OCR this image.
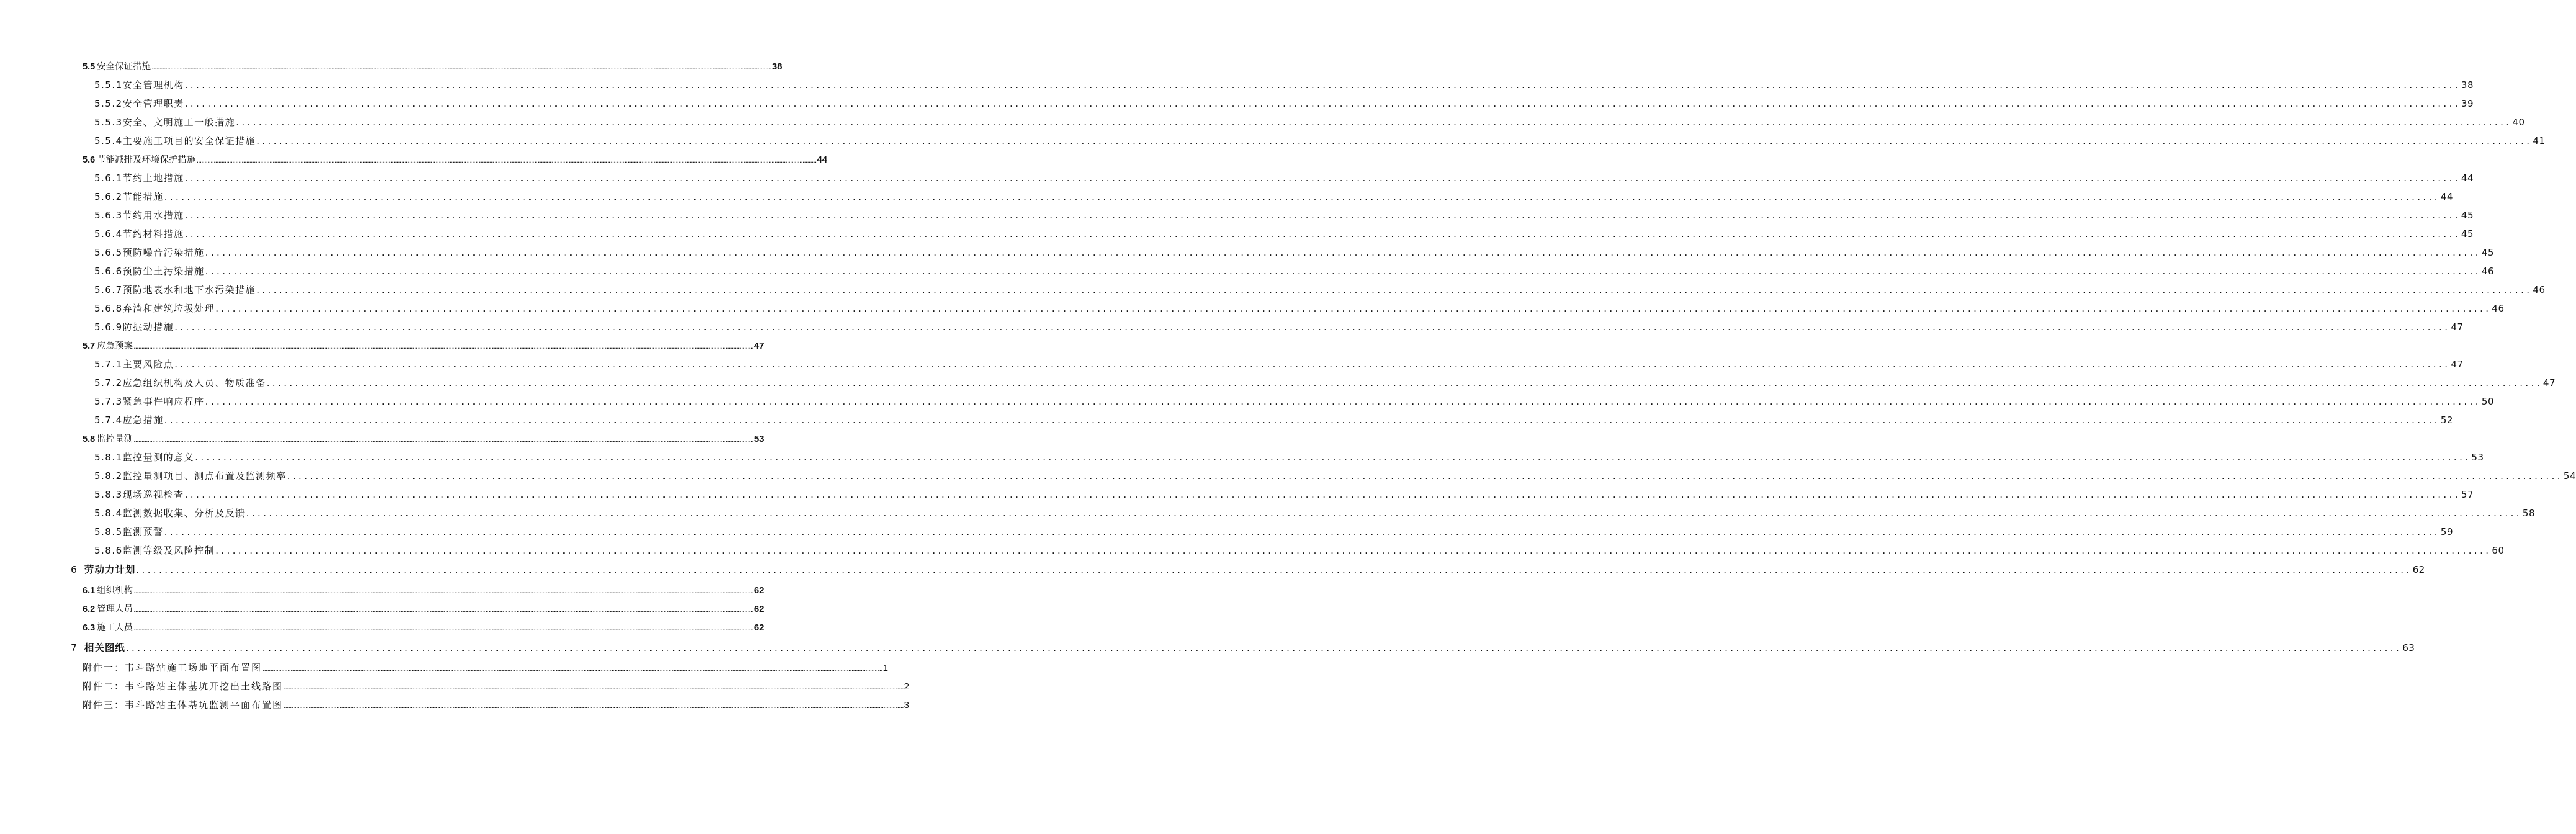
5.5 安全保证措施 ................................................................................................................................................................................................................................................................................................................................................................................................................ 38
5.5.1安全管理机构 ................................................................................................................................................................................................................................................................................................................................................................................................................ 38
5.5.2安全管理职责 ................................................................................................................................................................................................................................................................................................................................................................................................................ 39
5.5.3安全、文明施工一般措施 ................................................................................................................................................................................................................................................................................................................................................................................................................ 40
5.5.4主要施工项目的安全保证措施 ................................................................................................................................................................................................................................................................................................................................................................................................................ 41
5.6 节能减排及环境保护措施 ................................................................................................................................................................................................................................................................................................................................................................................................................ 44
5.6.1节约土地措施 ................................................................................................................................................................................................................................................................................................................................................................................................................ 44
5.6.2节能措施 ................................................................................................................................................................................................................................................................................................................................................................................................................ 44
5.6.3节约用水措施 ................................................................................................................................................................................................................................................................................................................................................................................................................ 45
5.6.4节约材料措施 ................................................................................................................................................................................................................................................................................................................................................................................................................ 45
5.6.5预防噪音污染措施 ................................................................................................................................................................................................................................................................................................................................................................................................................ 45
5.6.6预防尘土污染措施 ................................................................................................................................................................................................................................................................................................................................................................................................................ 46
5.6.7预防地表水和地下水污染措施 ................................................................................................................................................................................................................................................................................................................................................................................................................ 46
5.6.8弃渣和建筑垃圾处理 ................................................................................................................................................................................................................................................................................................................................................................................................................ 46
5.6.9防振动措施 ................................................................................................................................................................................................................................................................................................................................................................................................................ 47
5.7 应急预案 ................................................................................................................................................................................................................................................................................................................................................................................................................ 47
5.7.1主要风险点 ................................................................................................................................................................................................................................................................................................................................................................................................................ 47
5.7.2应急组织机构及人员、物质准备 ................................................................................................................................................................................................................................................................................................................................................................................................................ 47
5.7.3紧急事件响应程序 ................................................................................................................................................................................................................................................................................................................................................................................................................ 50
5.7.4应急措施 ................................................................................................................................................................................................................................................................................................................................................................................................................ 52
5.8 监控量测 ................................................................................................................................................................................................................................................................................................................................................................................................................ 53
5.8.1监控量测的意义 ................................................................................................................................................................................................................................................................................................................................................................................................................ 53
5.8.2监控量测项目、测点布置及监测频率 ................................................................................................................................................................................................................................................................................................................................................................................................................ 54
5.8.3现场巡视检查 ................................................................................................................................................................................................................................................................................................................................................................................................................ 57
5.8.4监测数据收集、分析及反馈 ................................................................................................................................................................................................................................................................................................................................................................................................................ 58
5.8.5监测预警 ................................................................................................................................................................................................................................................................................................................................................................................................................ 59
5.8.6监测等级及风险控制 ................................................................................................................................................................................................................................................................................................................................................................................................................ 60
6 劳动力计划 ................................................................................................................................................................................................................................................................................................................................................................................................................ 62
6.1 组织机构 ................................................................................................................................................................................................................................................................................................................................................................................................................ 62
6.2 管理人员 ................................................................................................................................................................................................................................................................................................................................................................................................................ 62
6.3 施工人员 ................................................................................................................................................................................................................................................................................................................................................................................................................ 62
7 相关图纸 ................................................................................................................................................................................................................................................................................................................................................................................................................ 63
附件一：韦斗路站施工场地平面布置图 ................................................................................................................................................................................................................................................................................................................................................................................................................ 1
附件二：韦斗路站主体基坑开挖出土线路图 ................................................................................................................................................................................................................................................................................................................................................................................................................ 2
附件三：韦斗路站主体基坑监测平面布置图 ................................................................................................................................................................................................................................................................................................................................................................................................................ 3
